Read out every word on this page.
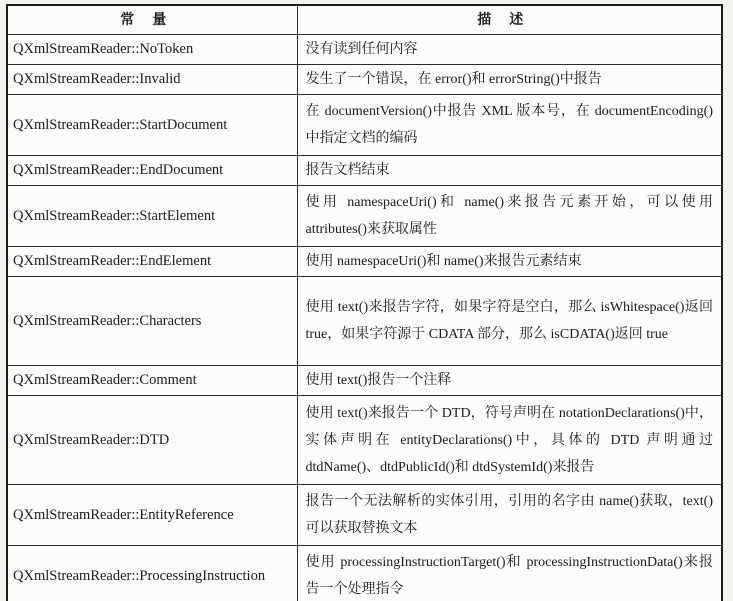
常量	描述
QXmlStreamReader::NoToken	没有读到任何内容
QXmlStreamReader::Invalid	发生了一个错误，在 error()和 errorString()中报告
QXmlStreamReader::StartDocument	在 documentVersion()中报告 XML 版本号，在 documentEncoding()中指定文档的编码
QXmlStreamReader::EndDocument	报告文档结束
QXmlStreamReader::StartElement	使用 namespaceUri()和 name()来报告元素开始，可以使用 attributes()来获取属性
QXmlStreamReader::EndElement	使用 namespaceUri()和 name()来报告元素结束
QXmlStreamReader::Characters	使用 text()来报告字符，如果字符是空白，那么 isWhitespace()返回 true，如果字符源于 CDATA 部分，那么 isCDATA()返回 true
QXmlStreamReader::Comment	使用 text()报告一个注释
QXmlStreamReader::DTD	使用 text()来报告一个 DTD，符号声明在 notationDeclarations()中，实体声明在 entityDeclarations()中，具体的 DTD 声明通过 dtdName()、dtdPublicId()和 dtdSystemId()来报告
QXmlStreamReader::EntityReference	报告一个无法解析的实体引用，引用的名字由 name()获取，text()可以获取替换文本
QXmlStreamReader::ProcessingInstruction	使用 processingInstructionTarget()和 processingInstructionData()来报告一个处理指令
